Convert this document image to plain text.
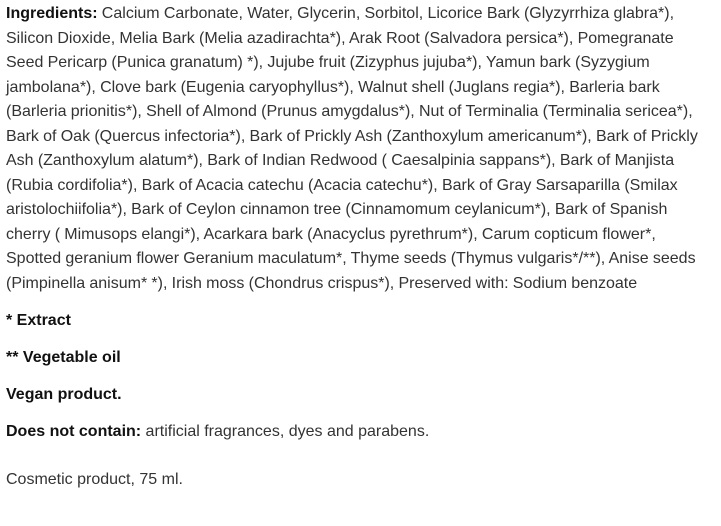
Ingredients: Calcium Carbonate, Water, Glycerin, Sorbitol, Licorice Bark (Glyzyrrhiza glabra*), Silicon Dioxide, Melia Bark (Melia azadirachta*), Arak Root (Salvadora persica*), Pomegranate Seed Pericarp (Punica granatum) *), Jujube fruit (Zizyphus jujuba*), Yamun bark (Syzygium jambolana*), Clove bark (Eugenia caryophyllus*), Walnut shell (Juglans regia*), Barleria bark (Barleria prionitis*), Shell of Almond (Prunus amygdalus*), Nut of Terminalia (Terminalia sericea*), Bark of Oak (Quercus infectoria*), Bark of Prickly Ash (Zanthoxylum americanum*), Bark of Prickly Ash (Zanthoxylum alatum*), Bark of Indian Redwood ( Caesalpinia sappans*), Bark of Manjista (Rubia cordifolia*), Bark of Acacia catechu (Acacia catechu*), Bark of Gray Sarsaparilla (Smilax aristolochiifolia*), Bark of Ceylon cinnamon tree (Cinnamomum ceylanicum*), Bark of Spanish cherry ( Mimusops elangi*), Acarkara bark (Anacyclus pyrethrum*), Carum copticum flower*, Spotted geranium flower Geranium maculatum*, Thyme seeds (Thymus vulgaris*/**), Anise seeds (Pimpinella anisum* *), Irish moss (Chondrus crispus*), Preserved with: Sodium benzoate

* Extract

** Vegetable oil

Vegan product.

Does not contain: artificial fragrances, dyes and parabens.

Cosmetic product, 75 ml.
